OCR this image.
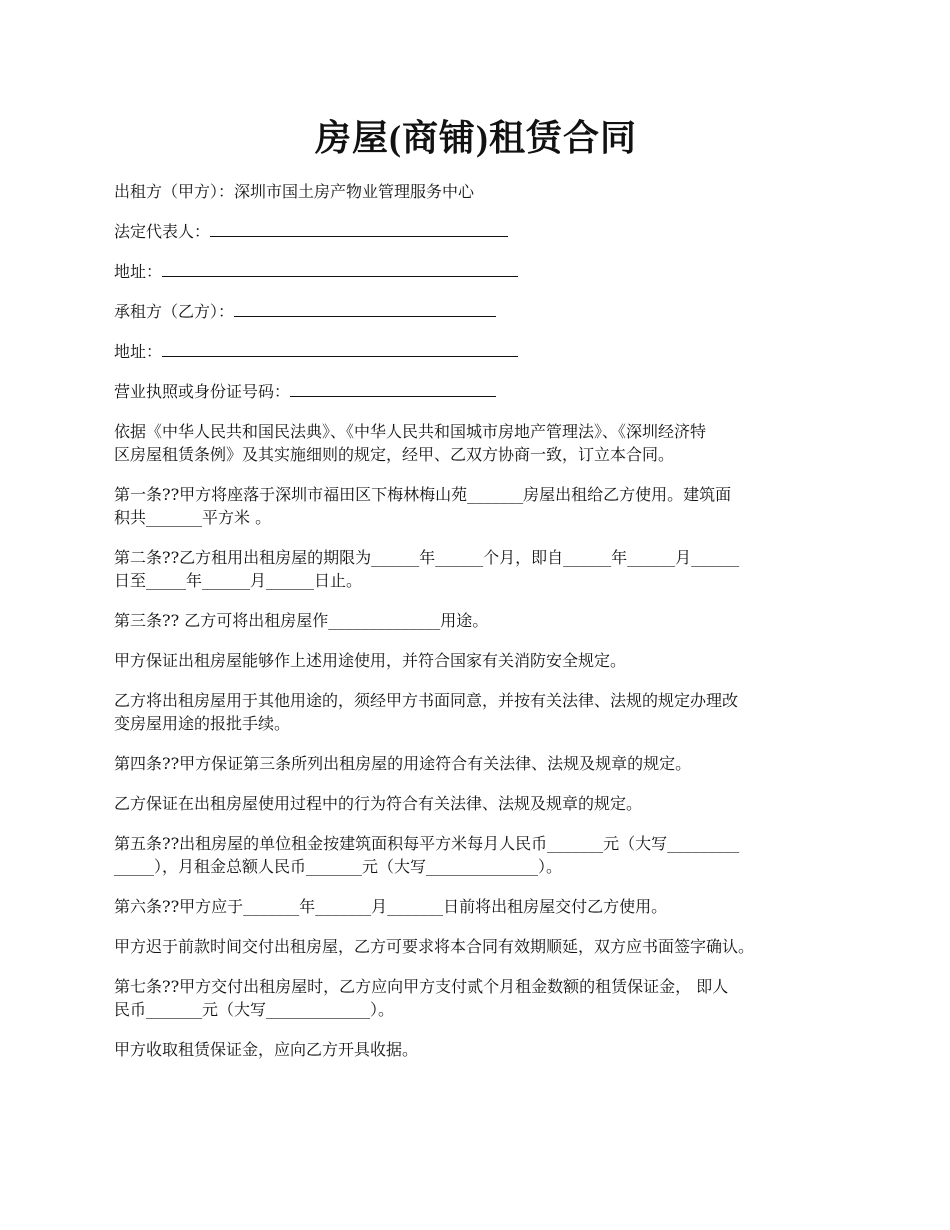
房屋(商铺)租赁合同
出租方（甲方）：深圳市国土房产物业管理服务中心
法定代表人：
地址：
承租方（乙方）：
地址：
营业执照或身份证号码：
依据《中华人民共和国民法典》、《中华人民共和国城市房地产管理法》、《深圳经济特
区房屋租赁条例》及其实施细则的规定，经甲、乙双方协商一致，订立本合同。
第一条??甲方将座落于深圳市福田区下梅林梅山苑_______房屋出租给乙方使用。建筑面
积共_______平方米 。
第二条??乙方租用出租房屋的期限为______年______个月，即自______年______月______
日至_____年______月______日止。
第三条?? 乙方可将出租房屋作______________用途。
甲方保证出租房屋能够作上述用途使用，并符合国家有关消防安全规定。
乙方将出租房屋用于其他用途的，须经甲方书面同意，并按有关法律、法规的规定办理改
变房屋用途的报批手续。
第四条??甲方保证第三条所列出租房屋的用途符合有关法律、法规及规章的规定。
乙方保证在出租房屋使用过程中的行为符合有关法律、法规及规章的规定。
第五条??出租房屋的单位租金按建筑面积每平方米每月人民币_______元（大写_________
_____），月租金总额人民币_______元（大写______________）。
第六条??甲方应于_______年_______月_______日前将出租房屋交付乙方使用。
甲方迟于前款时间交付出租房屋，乙方可要求将本合同有效期顺延，双方应书面签字确认。
第七条??甲方交付出租房屋时，乙方应向甲方支付贰个月租金数额的租赁保证金， 即人
民币_______元（大写_____________）。
甲方收取租赁保证金，应向乙方开具收据。
